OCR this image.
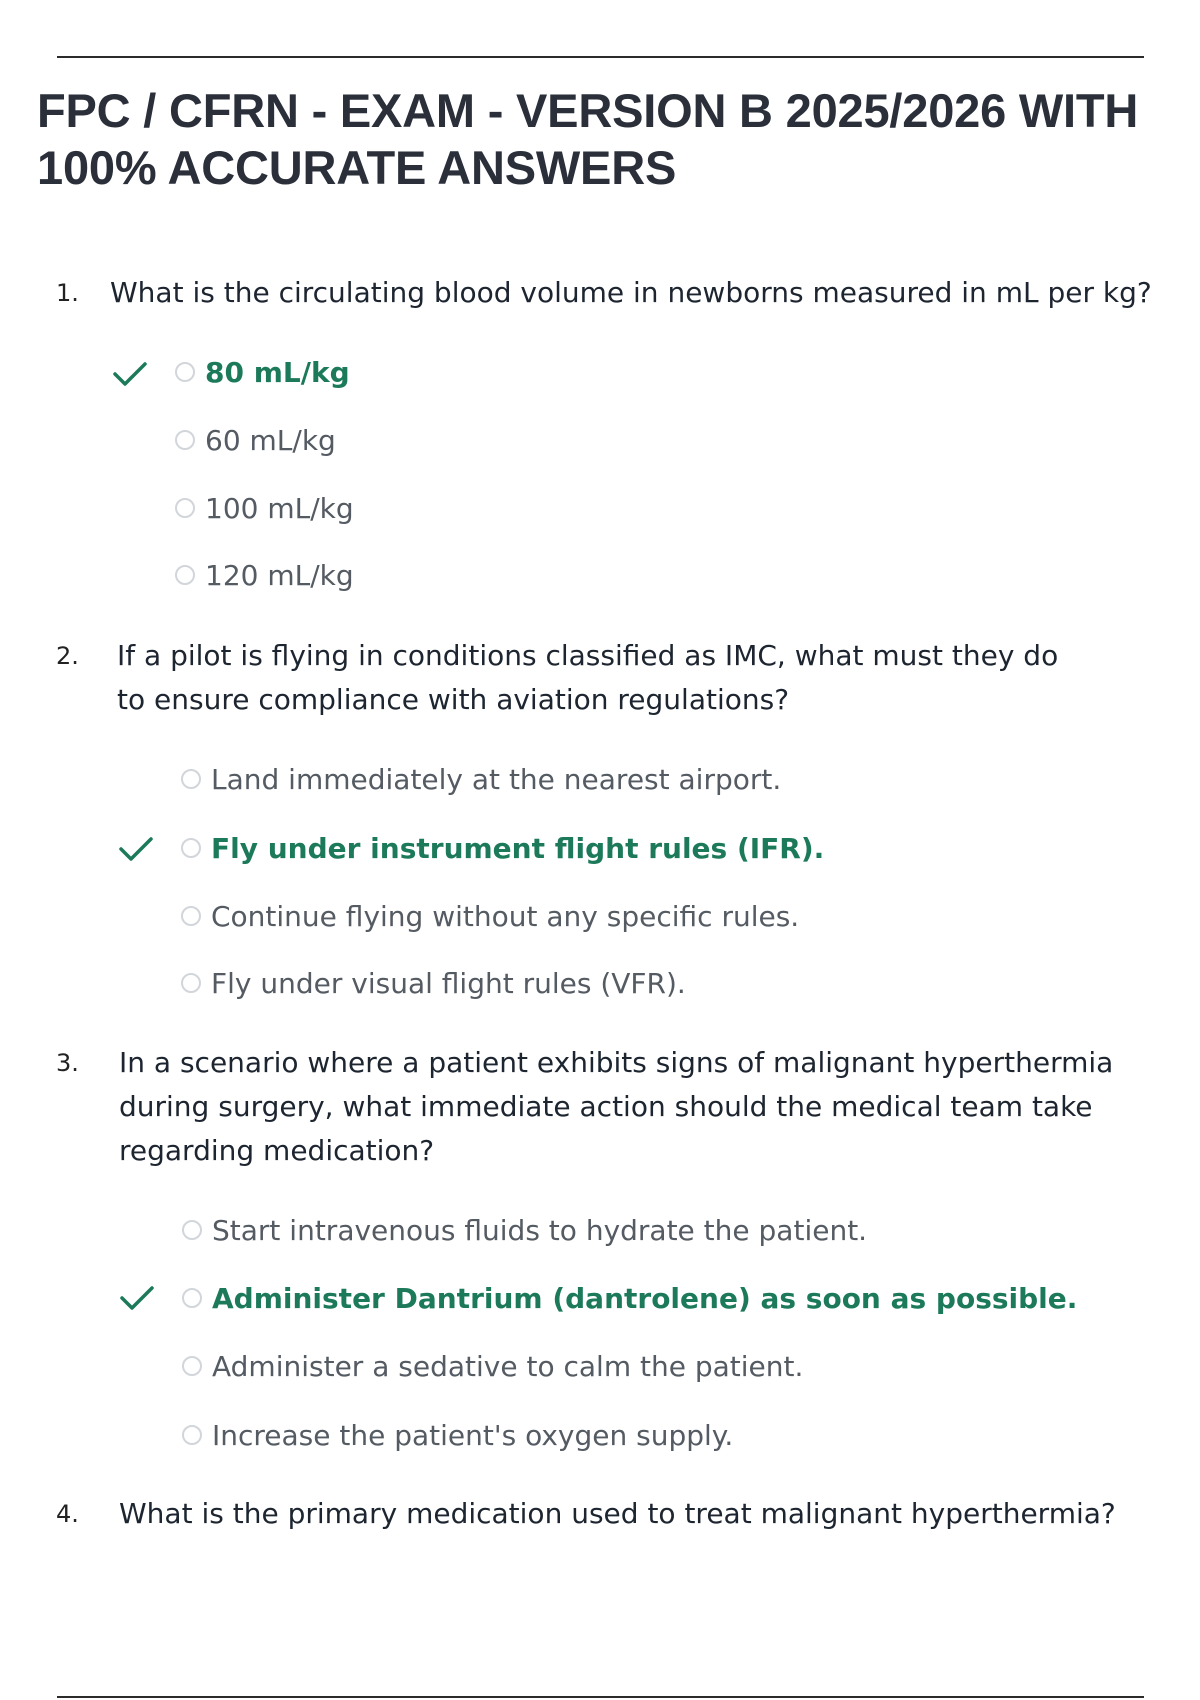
FPC / CFRN - EXAM - VERSION B 2025/2026 WITH 100% ACCURATE ANSWERS
1. What is the circulating blood volume in newborns measured in mL per kg?

80 mL/kg
60 mL/kg
100 mL/kg
120 mL/kg
2. If a pilot is flying in conditions classified as IMC, what must they do to ensure compliance with aviation regulations?

Land immediately at the nearest airport.
Fly under instrument flight rules (IFR).
Continue flying without any specific rules.
Fly under visual flight rules (VFR).
3. In a scenario where a patient exhibits signs of malignant hyperthermia during surgery, what immediate action should the medical team take regarding medication?

Start intravenous fluids to hydrate the patient.
Administer Dantrium (dantrolene) as soon as possible.
Administer a sedative to calm the patient.
Increase the patient's oxygen supply.
4. What is the primary medication used to treat malignant hyperthermia?
